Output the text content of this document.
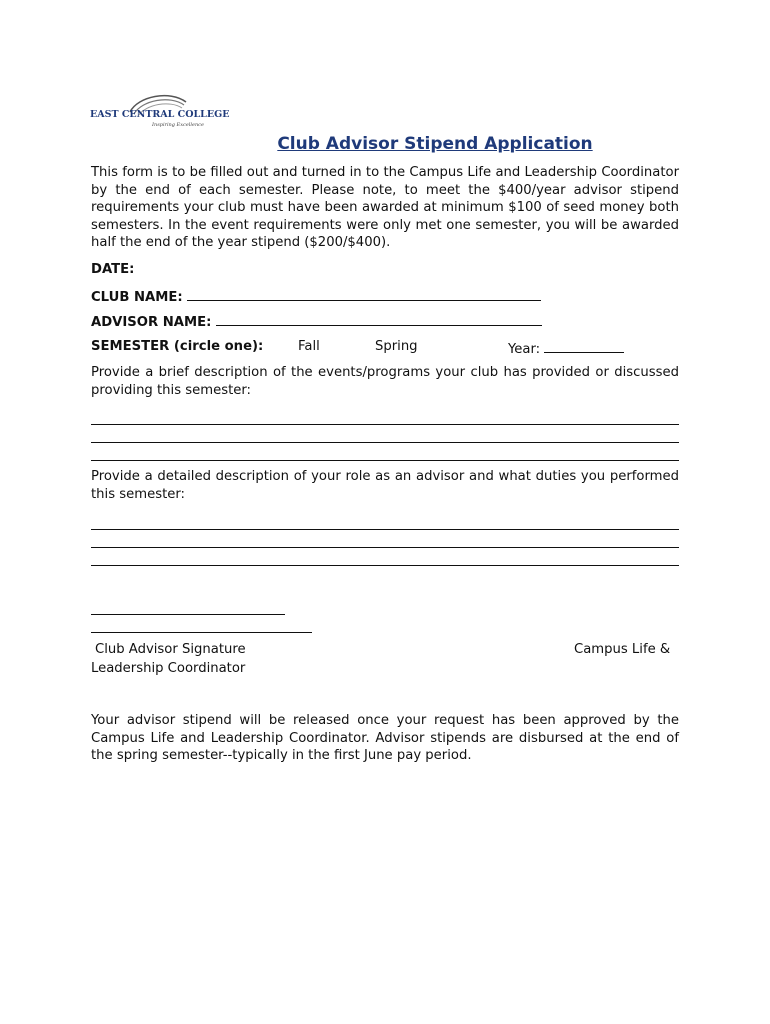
EAST CENTRAL COLLEGE
Inspiring Excellence
Club Advisor Stipend Application
This form is to be filled out and turned in to the Campus Life and Leadership Coordinator by the end of each semester. Please note, to meet the $400/year advisor stipend requirements your club must have been awarded at minimum $100 of seed money both semesters. In the event requirements were only met one semester, you will be awarded half the end of the year stipend ($200/$400).
DATE:
CLUB NAME:
ADVISOR NAME:
SEMESTER (circle one):	Fall	Spring	Year:
Provide a brief description of the events/programs your club has provided or discussed providing this semester:
Provide a detailed description of your role as an advisor and what duties you performed this semester:
Club Advisor Signature	Campus Life &
Leadership Coordinator
Your advisor stipend will be released once your request has been approved by the Campus Life and Leadership Coordinator. Advisor stipends are disbursed at the end of the spring semester--typically in the first June pay period.
